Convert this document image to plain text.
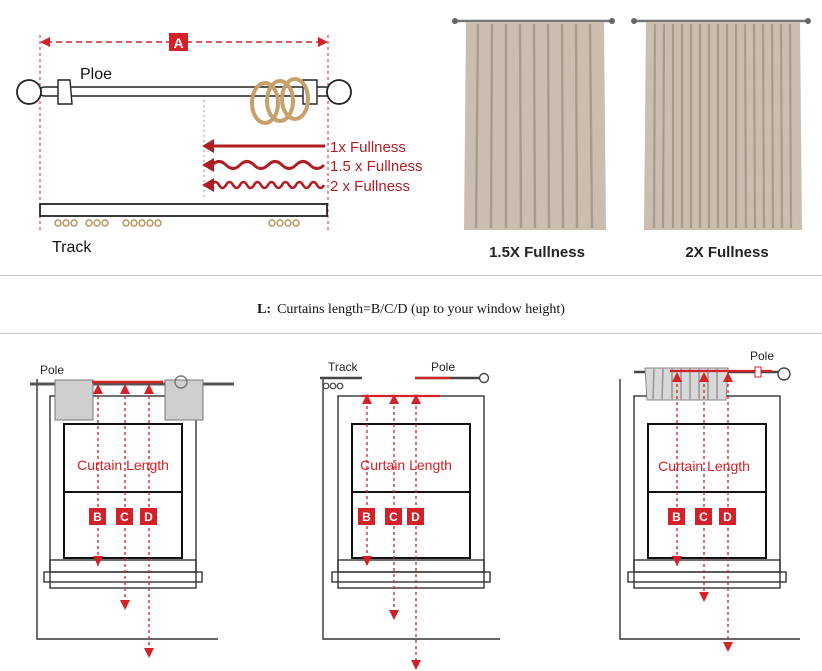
A
Ploe
1x Fullness
1.5 x Fullness
2 x Fullness
Track	1.5X Fullness	2X Fullness
L: Curtains length=B/C/D (up to your window height)
Pole
Curtain Length
B C D
Track	Pole
Curtain Length
B C D
Pole
Curtain Length
B C D
